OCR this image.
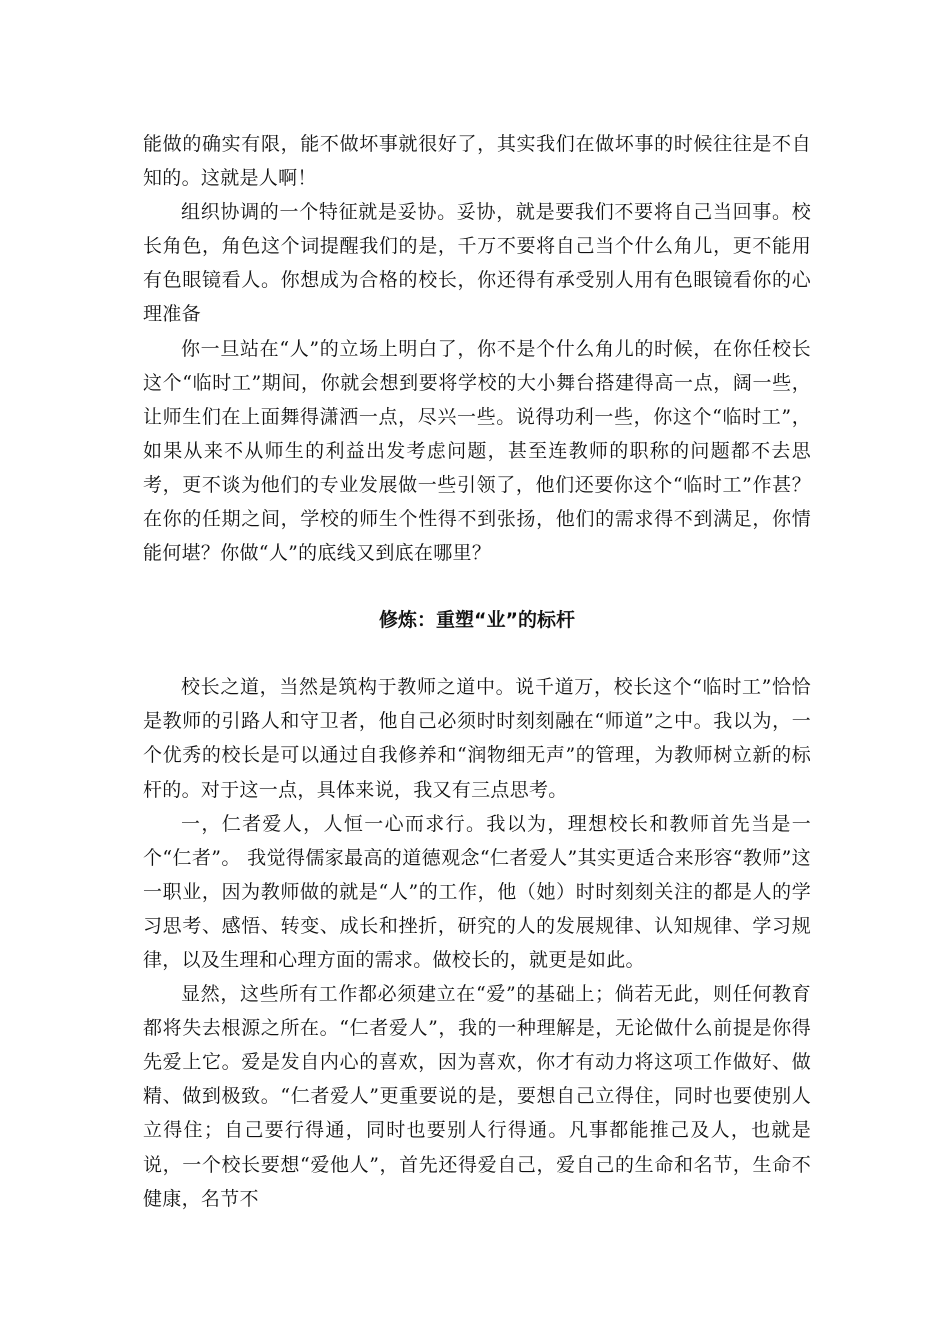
能做的确实有限，能不做坏事就很好了，其实我们在做坏事的时候往往是不自知的。这就是人啊！

组织协调的一个特征就是妥协。妥协，就是要我们不要将自己当回事。校长角色，角色这个词提醒我们的是，千万不要将自己当个什么角儿，更不能用有色眼镜看人。你想成为合格的校长，你还得有承受别人用有色眼镜看你的心理准备

你一旦站在“人”的立场上明白了，你不是个什么角儿的时候，在你任校长这个“临时工”期间，你就会想到要将学校的大小舞台搭建得高一点，阔一些，让师生们在上面舞得潇洒一点，尽兴一些。说得功利一些，你这个“临时工”，如果从来不从师生的利益出发考虑问题，甚至连教师的职称的问题都不去思考，更不谈为他们的专业发展做一些引领了，他们还要你这个“临时工”作甚？在你的任期之间，学校的师生个性得不到张扬，他们的需求得不到满足，你情能何堪？你做“人”的底线又到底在哪里？

修炼：重塑“业”的标杆

校长之道，当然是筑构于教师之道中。说千道万，校长这个“临时工”恰恰是教师的引路人和守卫者，他自己必须时时刻刻融在“师道”之中。我以为，一个优秀的校长是可以通过自我修养和“润物细无声”的管理，为教师树立新的标杆的。对于这一点，具体来说，我又有三点思考。

一，仁者爱人，人恒一心而求行。我以为，理想校长和教师首先当是一个“仁者”。 我觉得儒家最高的道德观念“仁者爱人”其实更适合来形容“教师”这一职业，因为教师做的就是“人”的工作，他（她）时时刻刻关注的都是人的学习思考、感悟、转变、成长和挫折，研究的人的发展规律、认知规律、学习规律，以及生理和心理方面的需求。做校长的，就更是如此。

显然，这些所有工作都必须建立在“爱”的基础上；倘若无此，则任何教育都将失去根源之所在。“仁者爱人”，我的一种理解是，无论做什么前提是你得先爱上它。爱是发自内心的喜欢，因为喜欢，你才有动力将这项工作做好、做精、做到极致。“仁者爱人”更重要说的是，要想自己立得住，同时也要使别人立得住；自己要行得通，同时也要别人行得通。凡事都能推己及人，也就是说，一个校长要想“爱他人”，首先还得爱自己，爱自己的生命和名节，生命不健康，名节不
